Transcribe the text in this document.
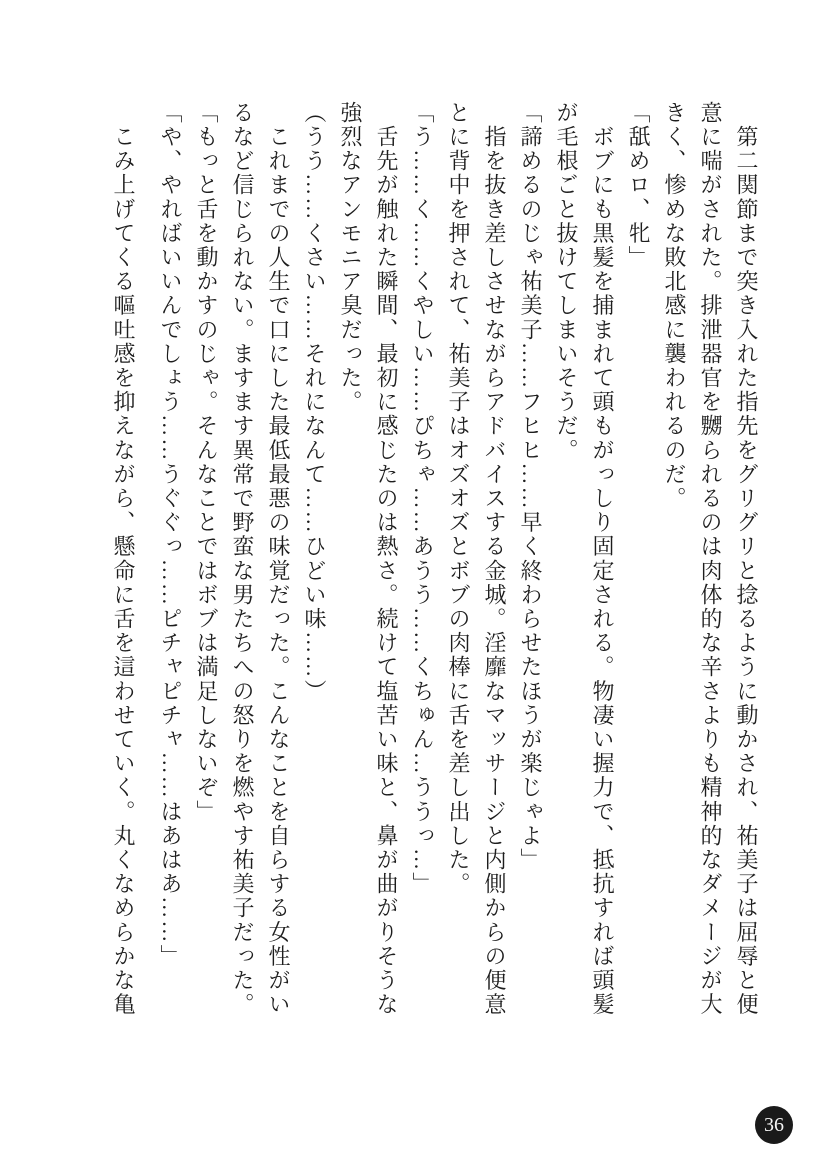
　第二関節まで突き入れた指先をグリグリと捻るように動かされ、祐美子は屈辱と便
意に喘がされた。排泄器官を嬲られるのは肉体的な辛さよりも精神的なダメージが大
きく、惨めな敗北感に襲われるのだ。
「舐めロ、牝」
　ボブにも黒髪を捕まれて頭もがっしり固定される。物凄い握力で、抵抗すれば頭髪
が毛根ごと抜けてしまいそうだ。
「諦めるのじゃ祐美子……フヒヒ……早く終わらせたほうが楽じゃよ」
　指を抜き差しさせながらアドバイスする金城。淫靡なマッサージと内側からの便意
とに背中を押されて、祐美子はオズオズとボブの肉棒に舌を差し出した。
「う……く……くやしい……ぴちゃ……あうう……くちゅん…ううっ…」
　舌先が触れた瞬間、最初に感じたのは熱さ。続けて塩苦い味と、鼻が曲がりそうな
強烈なアンモニア臭だった。
（うう……くさい……それになんて……ひどい味……）
　これまでの人生で口にした最低最悪の味覚だった。こんなことを自らする女性がい
るなど信じられない。ますます異常で野蛮な男たちへの怒りを燃やす祐美子だった。
「もっと舌を動かすのじゃ。そんなことではボブは満足しないぞ」
「や、やればいいんでしょう……うぐぐっ……ピチャピチャ……はあはあ……」
　こみ上げてくる嘔吐感を抑えながら、懸命に舌を這わせていく。丸くなめらかな亀
36
